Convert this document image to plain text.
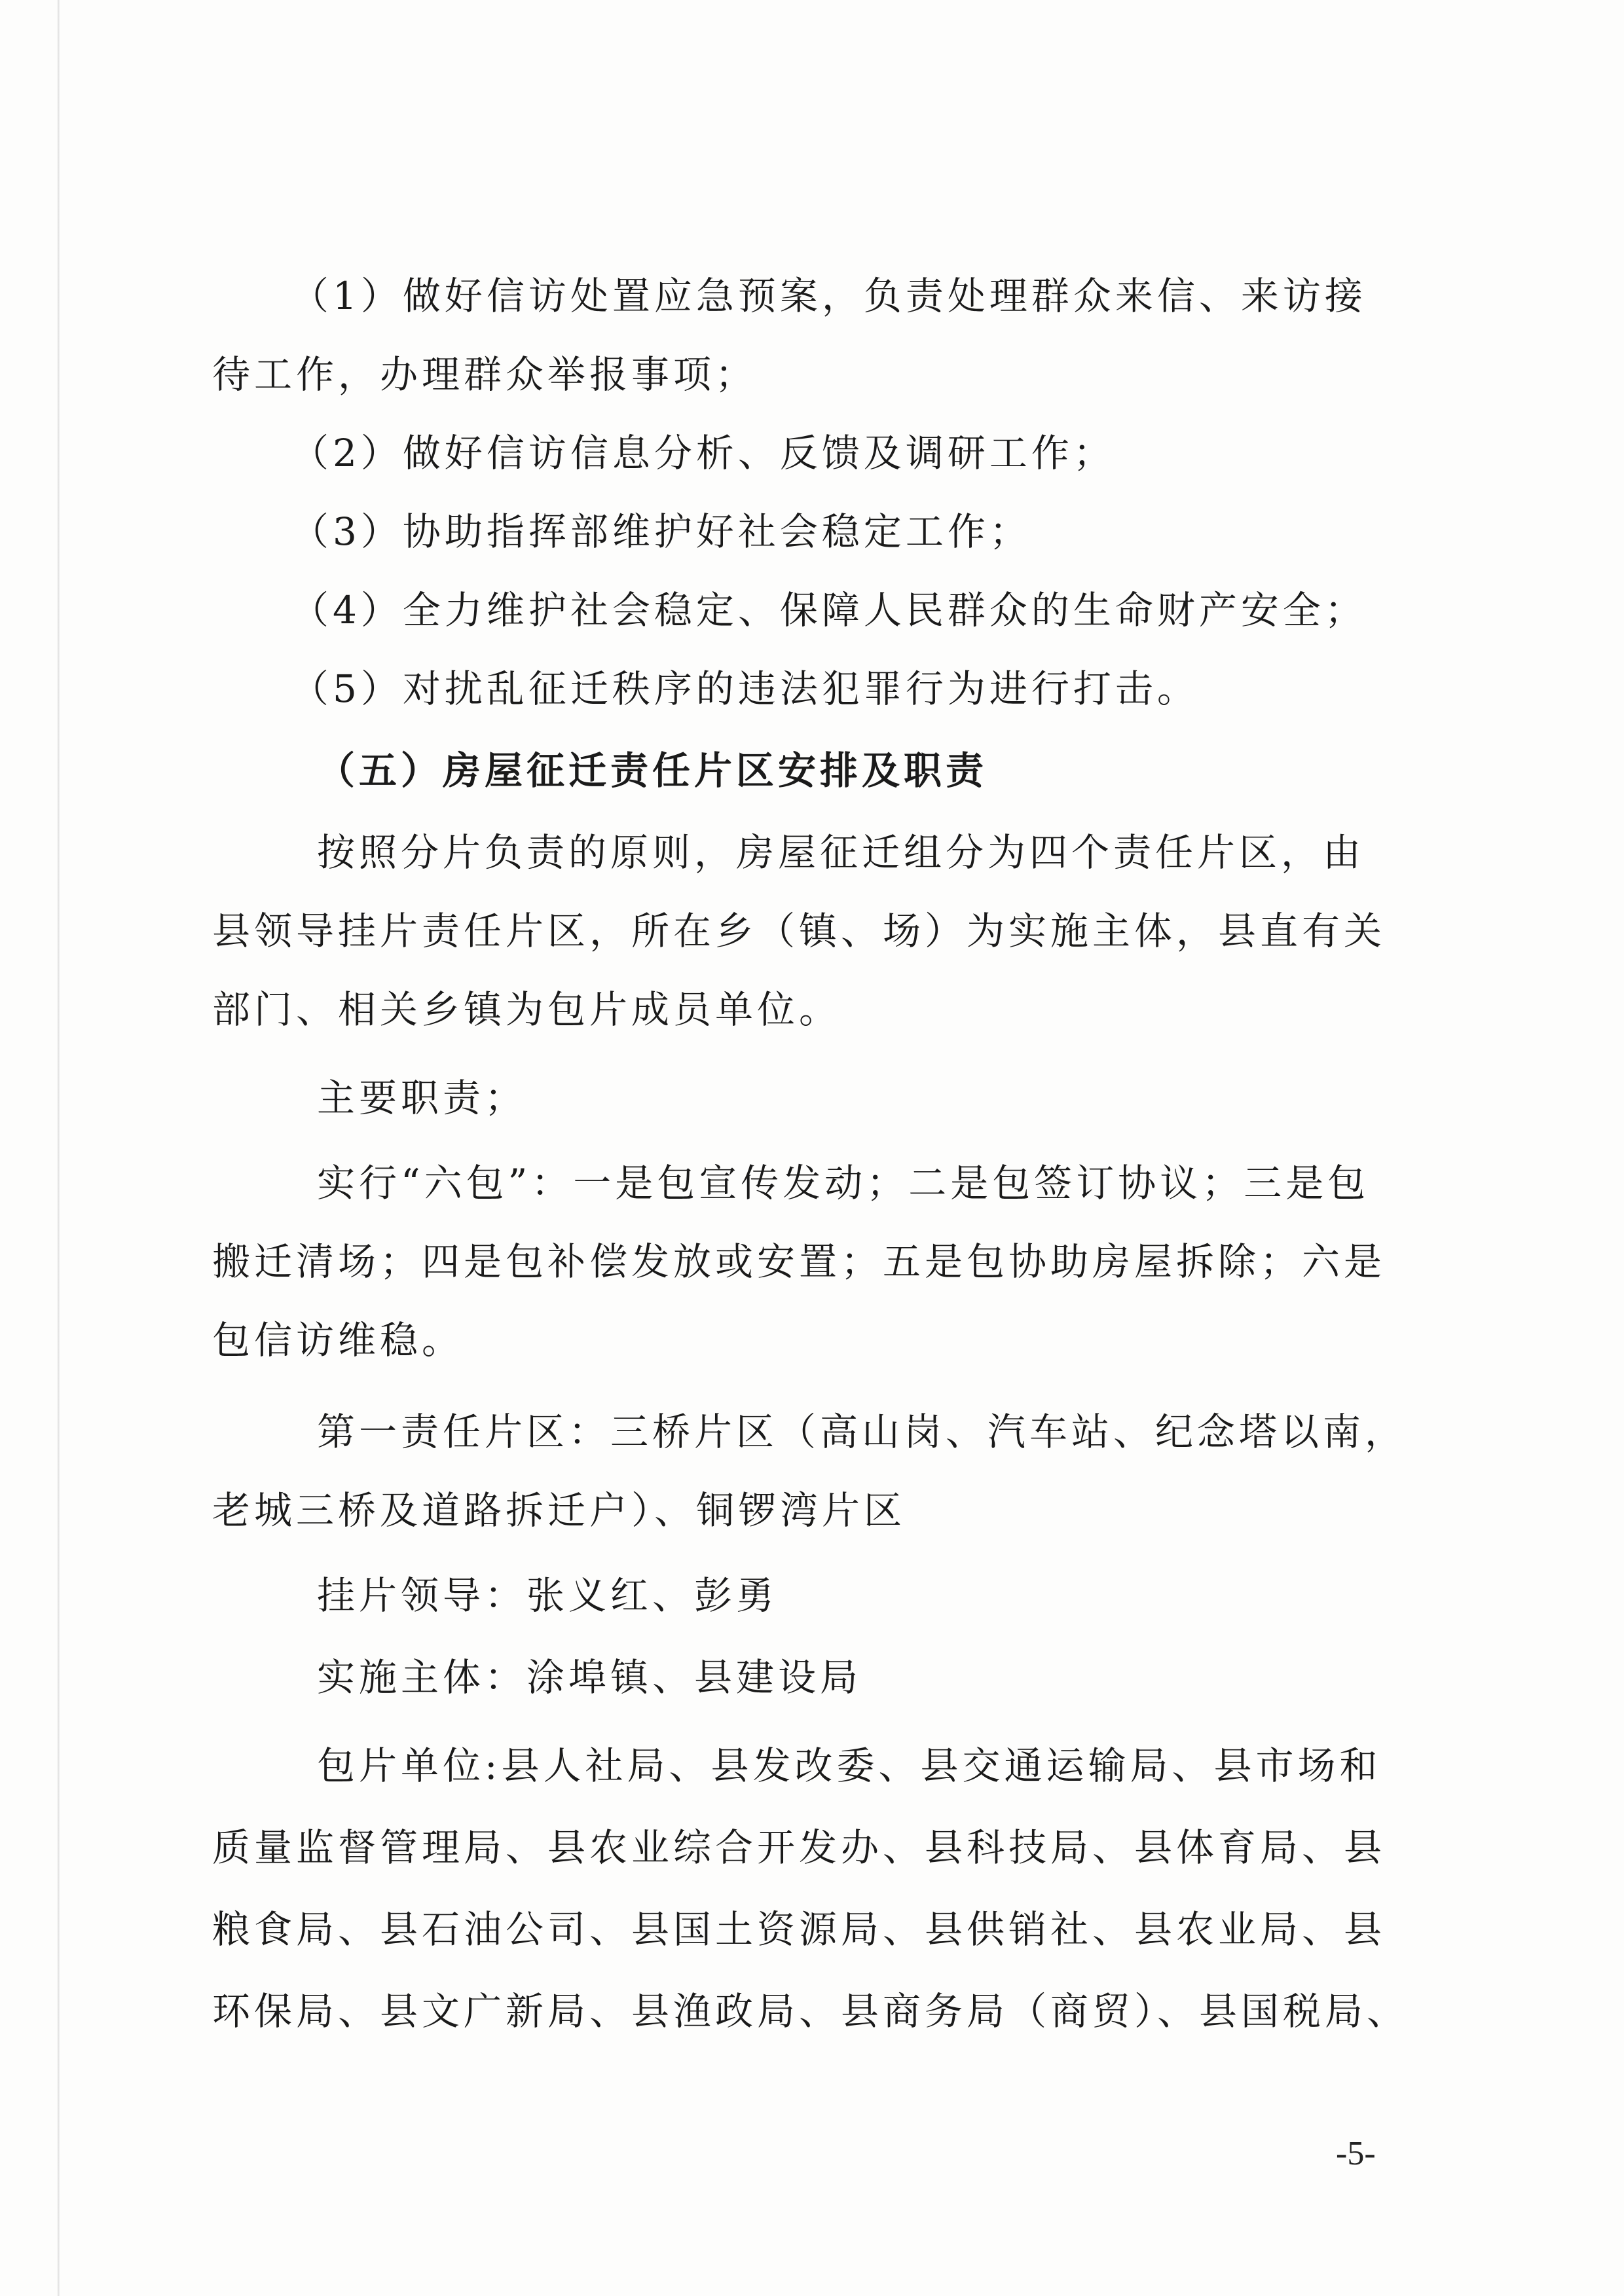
（1）做好信访处置应急预案，负责处理群众来信、来访接
待工作，办理群众举报事项；
（2）做好信访信息分析、反馈及调研工作；
（3）协助指挥部维护好社会稳定工作；
（4）全力维护社会稳定、保障人民群众的生命财产安全；
（5）对扰乱征迁秩序的违法犯罪行为进行打击。
（五）房屋征迁责任片区安排及职责
按照分片负责的原则，房屋征迁组分为四个责任片区，由
县领导挂片责任片区，所在乡（镇、场）为实施主体，县直有关
部门、相关乡镇为包片成员单位。
主要职责；
实行“六包”：一是包宣传发动；二是包签订协议；三是包
搬迁清场；四是包补偿发放或安置；五是包协助房屋拆除；六是
包信访维稳。
第一责任片区：三桥片区（高山岗、汽车站、纪念塔以南，
老城三桥及道路拆迁户）、铜锣湾片区
挂片领导：张义红、彭勇
实施主体：涂埠镇、县建设局
包片单位:县人社局、县发改委、县交通运输局、县市场和
质量监督管理局、县农业综合开发办、县科技局、县体育局、县
粮食局、县石油公司、县国土资源局、县供销社、县农业局、县
环保局、县文广新局、县渔政局、县商务局（商贸）、县国税局、
-5-
